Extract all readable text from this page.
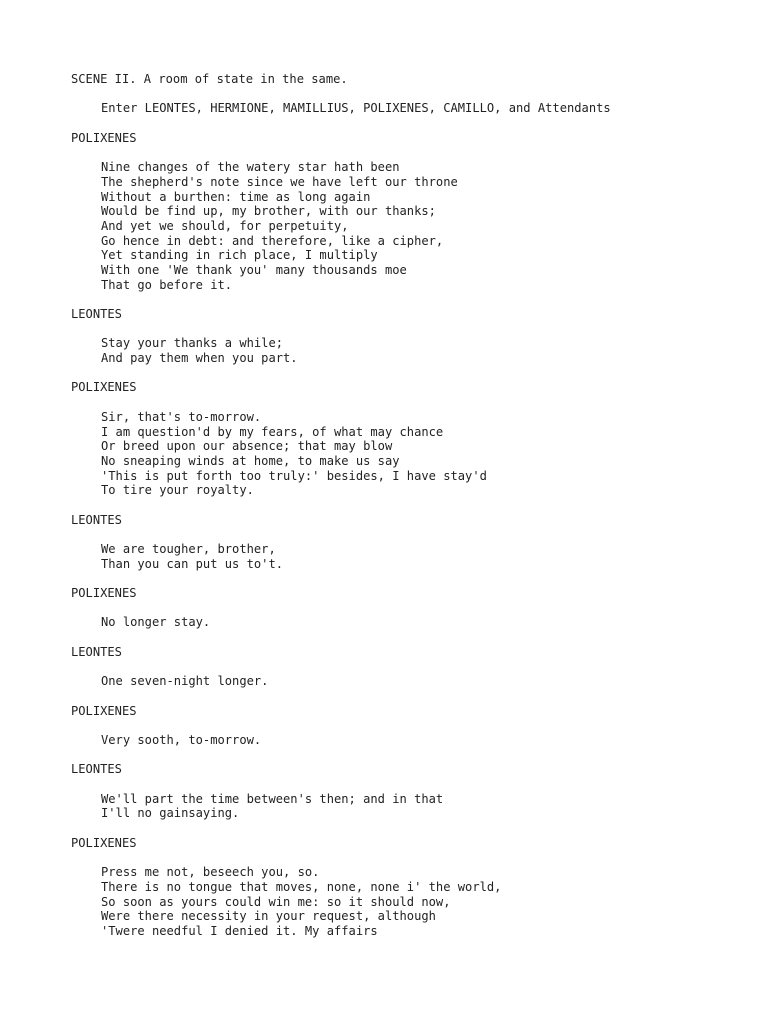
SCENE II. A room of state in the same.
Enter LEONTES, HERMIONE, MAMILLIUS, POLIXENES, CAMILLO, and Attendants
POLIXENES
Nine changes of the watery star hath been
The shepherd's note since we have left our throne
Without a burthen: time as long again
Would be find up, my brother, with our thanks;
And yet we should, for perpetuity,
Go hence in debt: and therefore, like a cipher,
Yet standing in rich place, I multiply
With one 'We thank you' many thousands moe
That go before it.
LEONTES
Stay your thanks a while;
And pay them when you part.
POLIXENES
Sir, that's to-morrow.
I am question'd by my fears, of what may chance
Or breed upon our absence; that may blow
No sneaping winds at home, to make us say
'This is put forth too truly:' besides, I have stay'd
To tire your royalty.
LEONTES
We are tougher, brother,
Than you can put us to't.
POLIXENES
No longer stay.
LEONTES
One seven-night longer.
POLIXENES
Very sooth, to-morrow.
LEONTES
We'll part the time between's then; and in that
I'll no gainsaying.
POLIXENES
Press me not, beseech you, so.
There is no tongue that moves, none, none i' the world,
So soon as yours could win me: so it should now,
Were there necessity in your request, although
'Twere needful I denied it. My affairs
